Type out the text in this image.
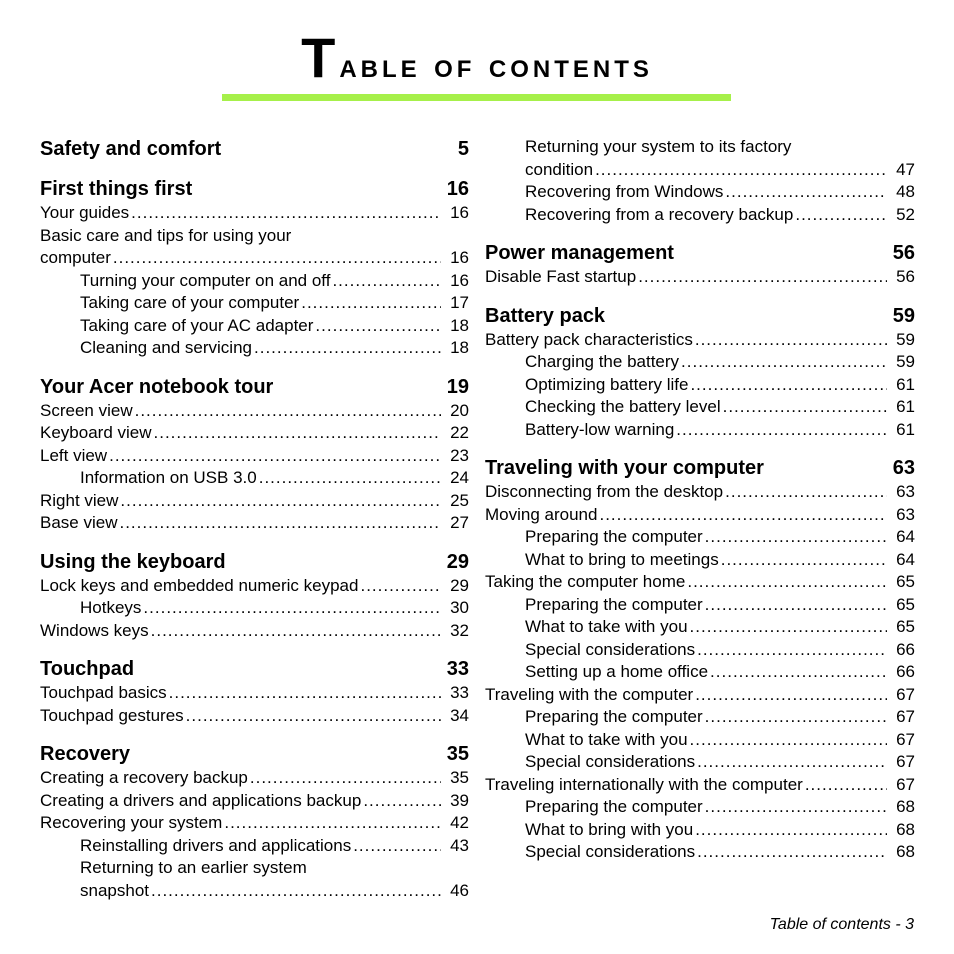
Table of contents
Safety and comfort	5
First things first	16
Your guides .....	16
Basic care and tips for using your
computer .....	16
Turning your computer on and off .....	16
Taking care of your computer .....	17
Taking care of your AC adapter .....	18
Cleaning and servicing .....	18
Your Acer notebook tour	19
Screen view .....	20
Keyboard view .....	22
Left view .....	23
Information on USB 3.0 .....	24
Right view .....	25
Base view .....	27
Using the keyboard	29
Lock keys and embedded numeric keypad .....	29
Hotkeys .....	30
Windows keys .....	32
Touchpad	33
Touchpad basics .....	33
Touchpad gestures .....	34
Recovery	35
Creating a recovery backup .....	35
Creating a drivers and applications backup .....	39
Recovering your system .....	42
Reinstalling drivers and applications .....	43
Returning to an earlier system
snapshot .....	46
Returning your system to its factory
condition .....	47
Recovering from Windows .....	48
Recovering from a recovery backup .....	52
Power management	56
Disable Fast startup .....	56
Battery pack	59
Battery pack characteristics .....	59
Charging the battery .....	59
Optimizing battery life .....	61
Checking the battery level .....	61
Battery-low warning .....	61
Traveling with your computer	63
Disconnecting from the desktop .....	63
Moving around .....	63
Preparing the computer .....	64
What to bring to meetings .....	64
Taking the computer home .....	65
Preparing the computer .....	65
What to take with you .....	65
Special considerations .....	66
Setting up a home office .....	66
Traveling with the computer .....	67
Preparing the computer .....	67
What to take with you .....	67
Special considerations .....	67
Traveling internationally with the computer .....	67
Preparing the computer .....	68
What to bring with you .....	68
Special considerations .....	68
Table of contents - 3
